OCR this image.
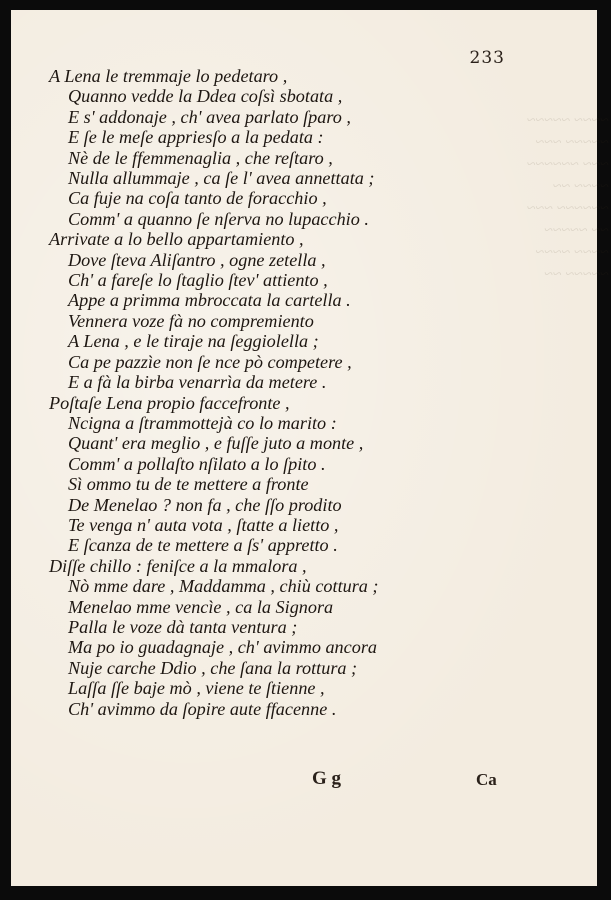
~~~~ ~~~~~
~~~~~ ~~~
~~~ ~~~~~~
~~~~ ~~
~~~~~~ ~~~
~~ ~~~~~
~~~~ ~~~~
~~~~~ ~~
233
A Lena le tremmaje lo pedetaro ,
Quanno vedde la Ddea coſsì sbotata ,
E s' addonaje , ch' avea parlato ſparo ,
E ſe le meſe appriesſo a la pedata :
Nè de le ffemmenaglia , che reſtaro ,
Nulla allummaje , ca ſe l' avea annettata ;
Ca fuje na coſa tanto de foracchio ,
Comm' a quanno ſe nſerva no lupacchio .
Arrivate a lo bello appartamiento ,
Dove ſteva Aliſantro , ogne zetella ,
Ch' a fareſe lo ſtaglio ſtev' attiento ,
Appe a primma mbroccata la cartella .
Vennera voze fà no compremiento
A Lena , e le tiraje na ſeggiolella ;
Ca pe pazzìe non ſe nce pò competere ,
E a fà la birba venarrìa da metere .
Poſtaſe Lena propio faccefronte ,
Ncigna a ſtrammottejà co lo marito :
Quant' era meglio , e fuſſe juto a monte ,
Comm' a pollaſto nſilato a lo ſpito .
Sì ommo tu de te mettere a fronte
De Menelao ? non fa , che ſſo prodito
Te venga n' auta vota , ſtatte a lietto ,
E ſcanza de te mettere a ſs' appretto .
Diſſe chillo : feniſce a la mmalora ,
Nò mme dare , Maddamma , chiù cottura ;
Menelao mme vencìe , ca la Signora
Palla le voze dà tanta ventura ;
Ma po io guadagnaje , ch' avimmo ancora
Nuje carche Ddio , che ſana la rottura ;
Laſſa ſſe baje mò , viene te ſtienne ,
Ch' avimmo da ſopire aute ffacenne .
G g	Ca
